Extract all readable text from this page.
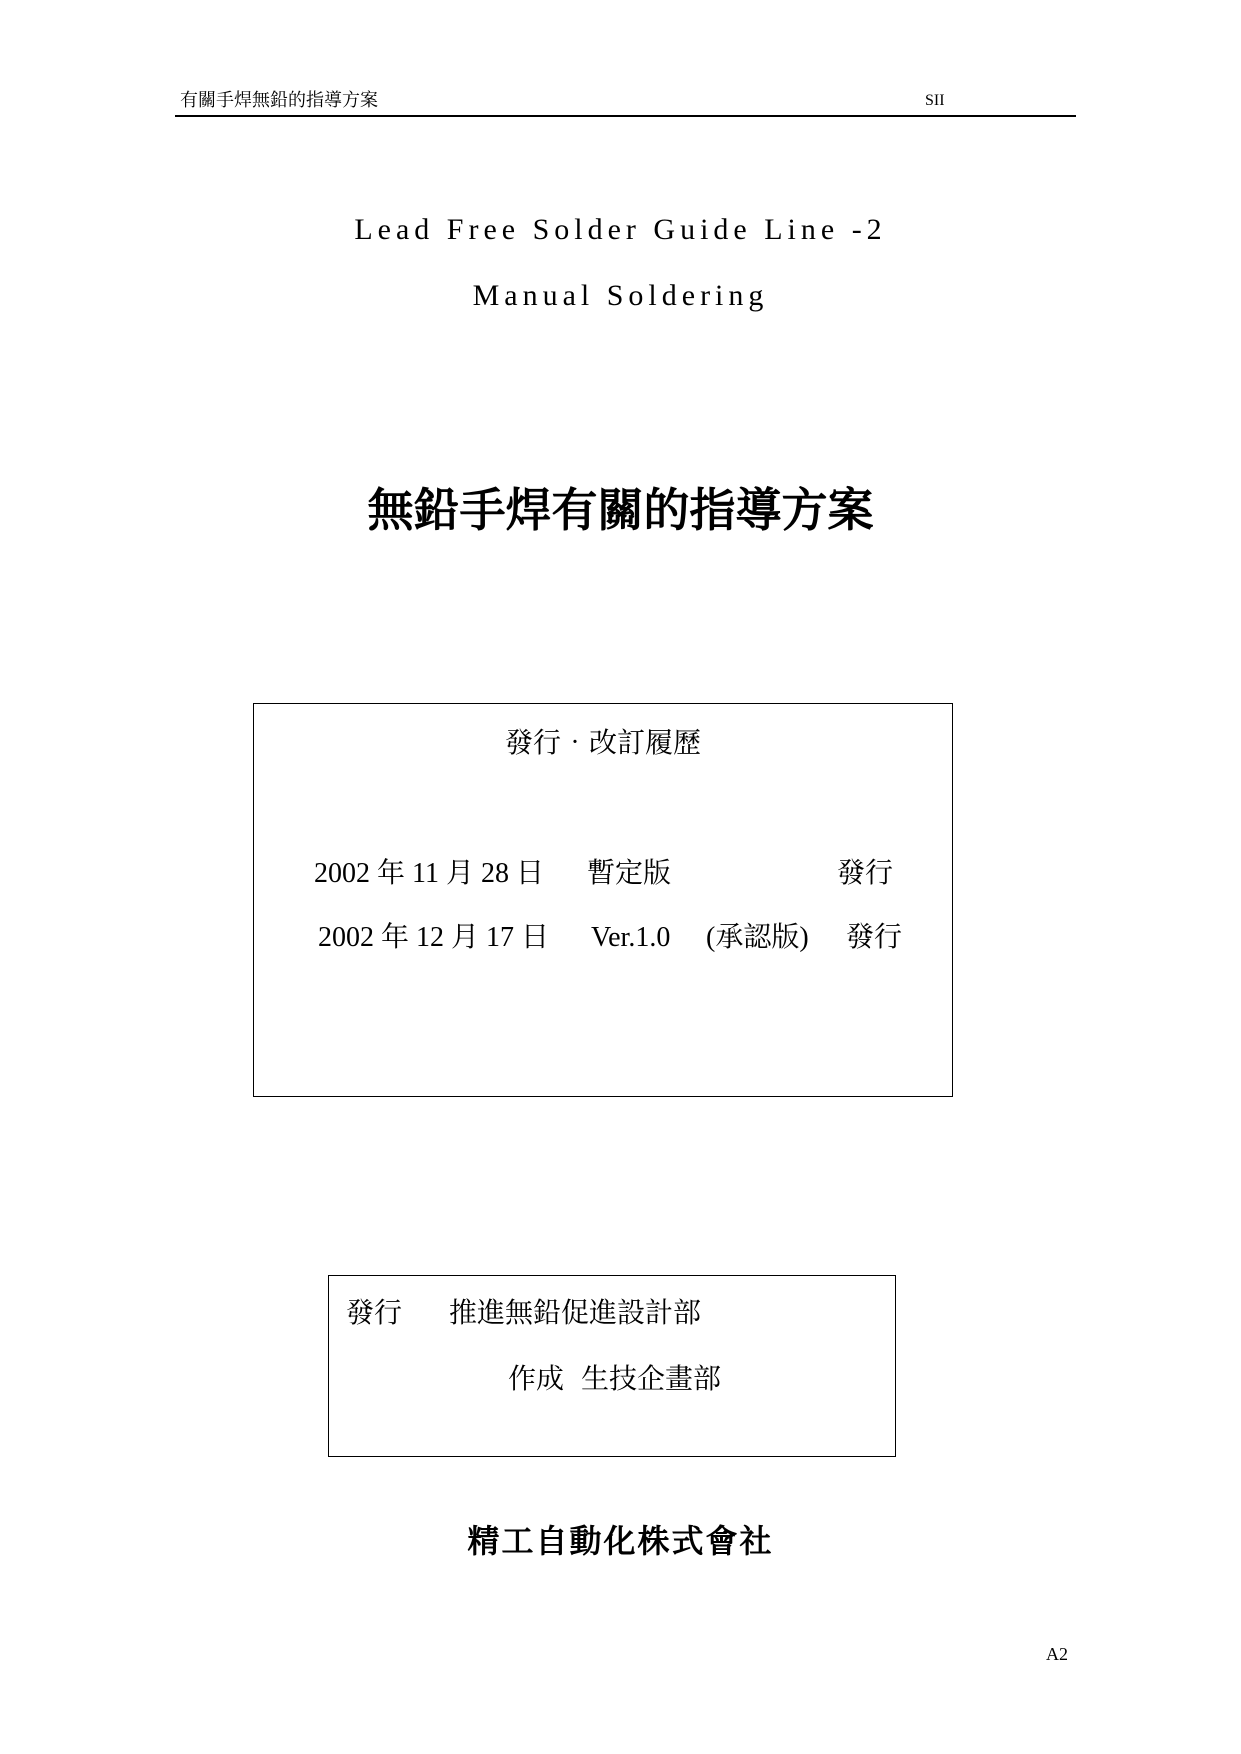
有關手焊無鉛的指導方案	SII
Lead Free Solder Guide Line -2
Manual Soldering
無鉛手焊有關的指導方案
發行‧改訂履歷
2002 年 11 月 28 日 暫定版	發行
2002 年 12 月 17 日 Ver.1.0 (承認版) 發行
發行 推進無鉛促進設計部
作成 生技企畫部
精工自動化株式會社
A2
